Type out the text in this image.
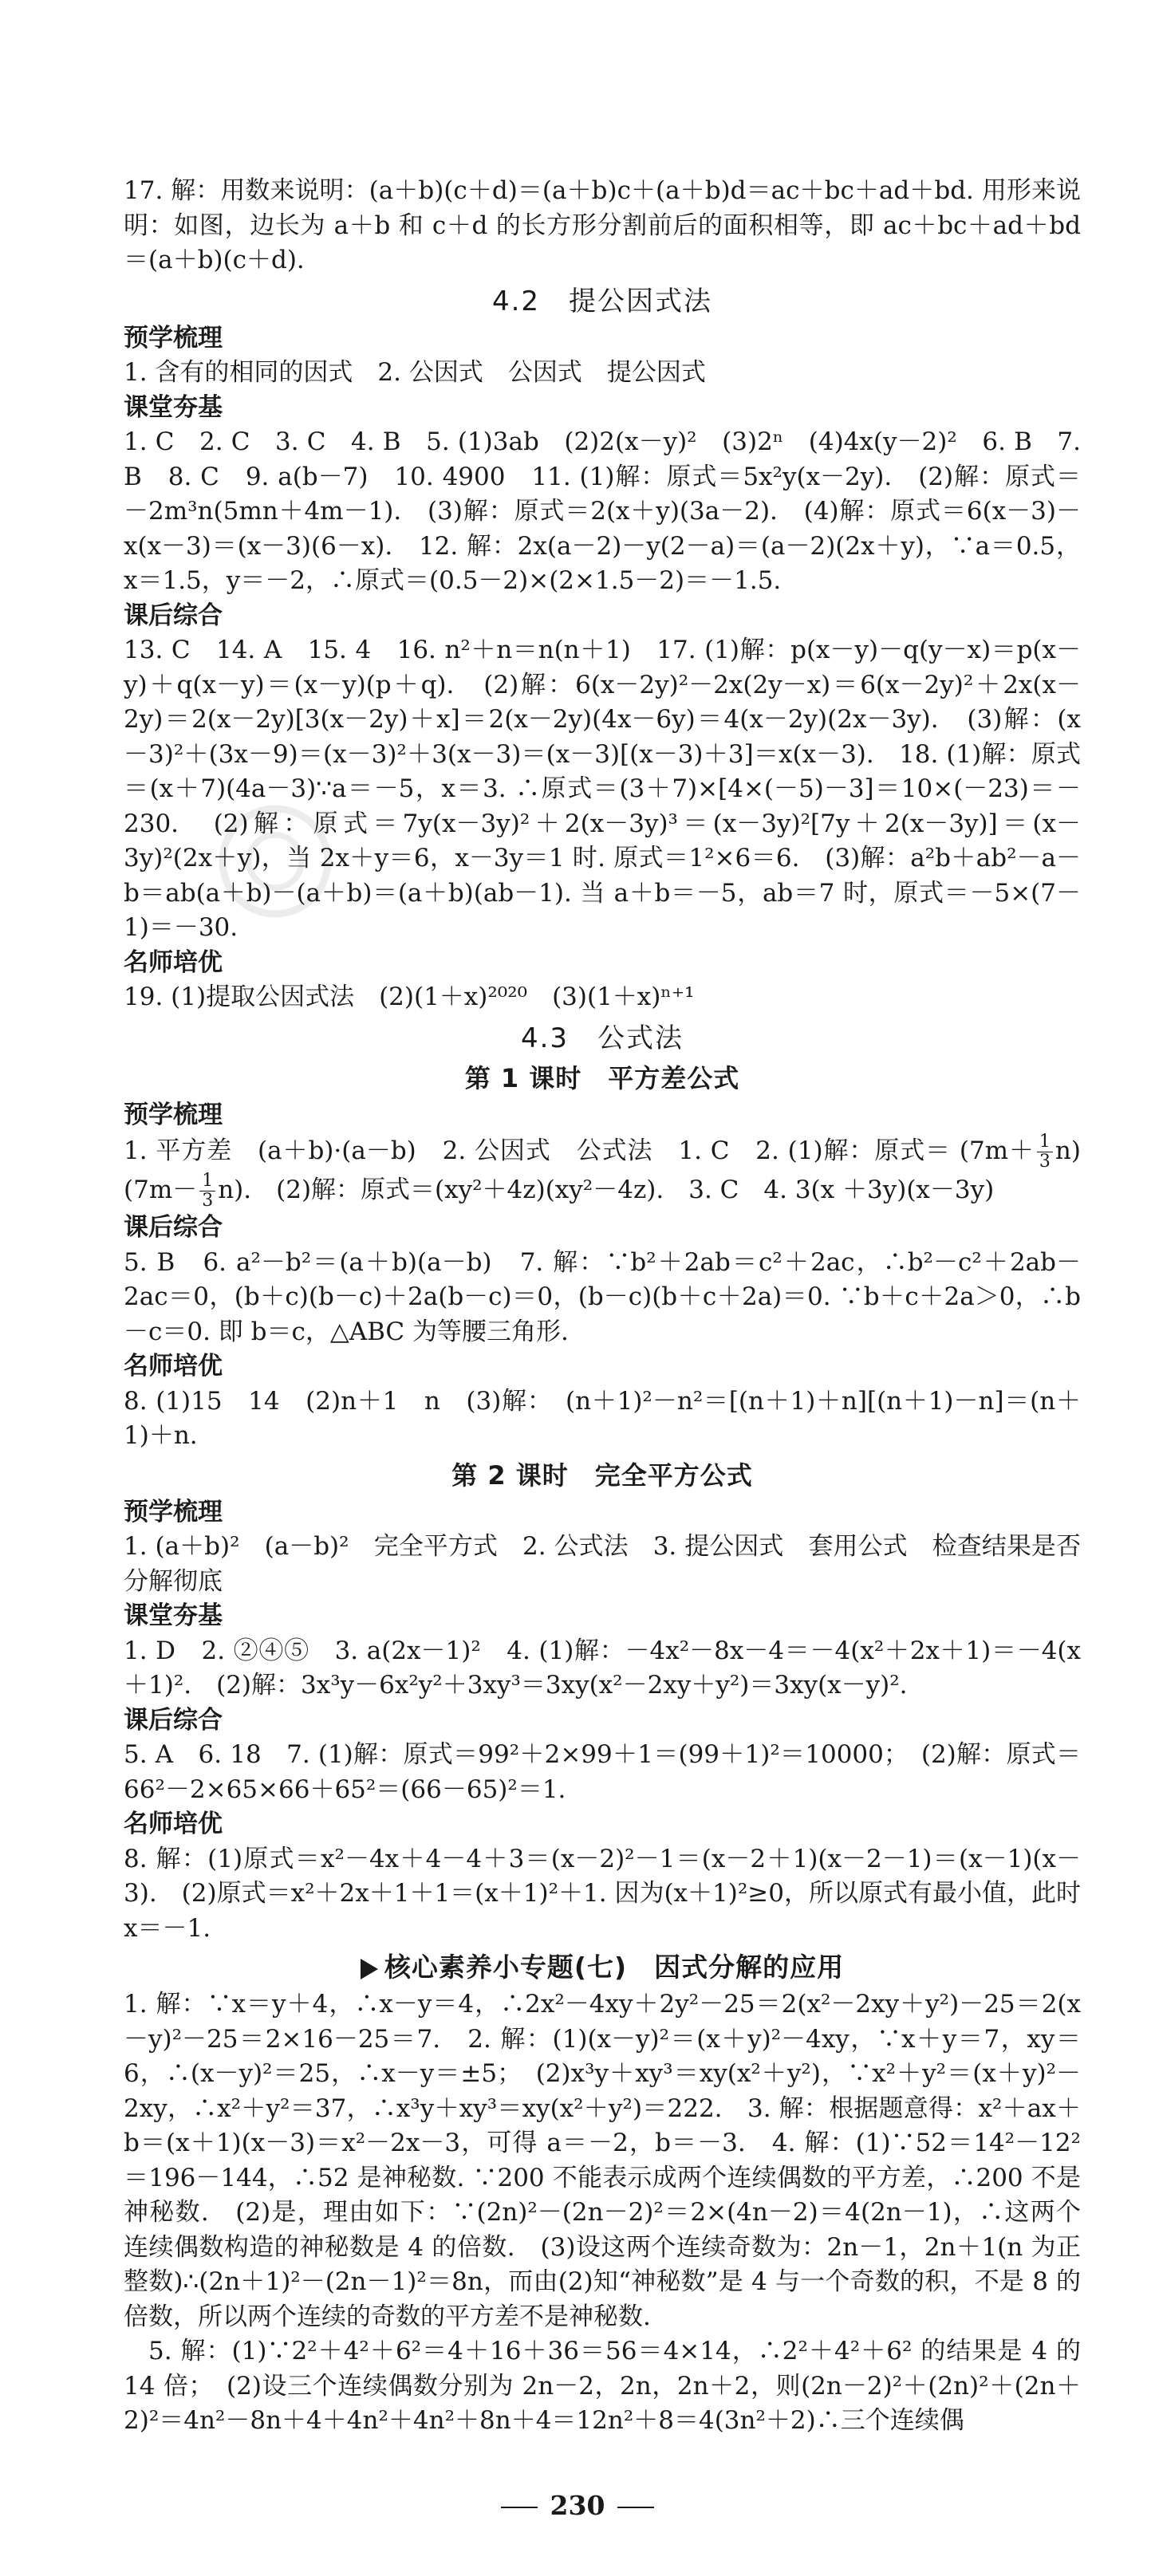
17. 解：用数来说明：(a＋b)(c＋d)＝(a＋b)c＋(a＋b)d＝ac＋bc＋ad＋bd. 用形来说明：如图，边长为 a＋b 和 c＋d 的长方形分割前后的面积相等，即 ac＋bc＋ad＋bd＝(a＋b)(c＋d).

4.2　提公因式法
预学梳理

1. 含有的相同的因式　2. 公因式　公因式　提公因式

课堂夯基

1. C　2. C　3. C　4. B　5. (1)3ab　(2)2(x－y)²　(3)2ⁿ　(4)4x(y－2)²　6. B　7. B　8. C　9. a(b－7)　10. 4900　11. (1)解：原式＝5x²y(x－2y).　(2)解：原式＝－2m³n(5mn＋4m－1).　(3)解：原式＝2(x＋y)(3a－2).　(4)解：原式＝6(x－3)－x(x－3)＝(x－3)(6－x).　12. 解：2x(a－2)－y(2－a)＝(a－2)(2x＋y)，∵a＝0.5，x＝1.5，y＝－2，∴原式＝(0.5－2)×(2×1.5－2)＝－1.5.

课后综合

13. C　14. A　15. 4　16. n²＋n＝n(n＋1)　17. (1)解：p(x－y)－q(y－x)＝p(x－y)＋q(x－y)＝(x－y)(p＋q).　(2)解：6(x－2y)²－2x(2y－x)＝6(x－2y)²＋2x(x－2y)＝2(x－2y)[3(x－2y)＋x]＝2(x－2y)(4x－6y)＝4(x－2y)(2x－3y).　(3)解：(x－3)²＋(3x－9)＝(x－3)²＋3(x－3)＝(x－3)[(x－3)＋3]＝x(x－3).　18. (1)解：原式＝(x＋7)(4a－3)∵a＝－5，x＝3. ∴原式＝(3＋7)×[4×(－5)－3]＝10×(－23)＝－230.　(2)解：原式＝7y(x－3y)²＋2(x－3y)³＝(x－3y)²[7y＋2(x－3y)]＝(x－3y)²(2x＋y)，当 2x＋y＝6，x－3y＝1 时. 原式＝1²×6＝6.　(3)解：a²b＋ab²－a－b＝ab(a＋b)－(a＋b)＝(a＋b)(ab－1). 当 a＋b＝－5，ab＝7 时，原式＝－5×(7－1)＝－30.

名师培优

19. (1)提取公因式法　(2)(1＋x)²⁰²⁰　(3)(1＋x)ⁿ⁺¹

4.3　公式法
第 1 课时　平方差公式
预学梳理

1. 平方差　(a＋b)·(a－b)　2. 公因式　公式法　1. C　2. (1)解：原式＝ $(7m+ \frac{1}{3} n)(7m- \frac{1}{3} n)$.　(2)解：原式＝(xy²＋4z)(xy²－4z).　3. C　4. 3(x ＋3y)(x－3y)

课后综合

5. B　6. a²－b²＝(a＋b)(a－b)　7. 解：∵b²＋2ab＝c²＋2ac，∴b²－c²＋2ab－2ac＝0，(b＋c)(b－c)＋2a(b－c)＝0，(b－c)(b＋c＋2a)＝0. ∵b＋c＋2a＞0，∴b－c＝0. 即 b＝c，△ABC 为等腰三角形.

名师培优

8. (1)15　14　(2)n＋1　n　(3)解：　(n＋1)²－n²＝[(n＋1)＋n][(n＋1)－n]＝(n＋1)＋n.

第 2 课时　完全平方公式
预学梳理

1. (a＋b)²　(a－b)²　完全平方式　2. 公式法　3. 提公因式　套用公式　检查结果是否分解彻底

课堂夯基

1. D　2. ②④⑤　3. a(2x－1)²　4. (1)解：－4x²－8x－4＝－4(x²＋2x＋1)＝－4(x＋1)².　(2)解：3x³y－6x²y²＋3xy³＝3xy(x²－2xy＋y²)＝3xy(x－y)².

课后综合

5. A　6. 18　7. (1)解：原式＝99²＋2×99＋1＝(99＋1)²＝10000；　(2)解：原式＝66²－2×65×66＋65²＝(66－65)²＝1.

名师培优

8. 解：(1)原式＝x²－4x＋4－4＋3＝(x－2)²－1＝(x－2＋1)(x－2－1)＝(x－1)(x－3).　(2)原式＝x²＋2x＋1＋1＝(x＋1)²＋1. 因为(x＋1)²≥0，所以原式有最小值，此时 x＝－1.

核心素养小专题(七)　因式分解的应用

1. 解：∵x＝y＋4，∴x－y＝4，∴2x²－4xy＋2y²－25＝2(x²－2xy＋y²)－25＝2(x－y)²－25＝2×16－25＝7.　2. 解：(1)(x－y)²＝(x＋y)²－4xy，∵x＋y＝7，xy＝6，∴(x－y)²＝25，∴x－y＝±5；　(2)x³y＋xy³＝xy(x²＋y²)，∵x²＋y²＝(x＋y)²－2xy，∴x²＋y²＝37，∴x³y＋xy³＝xy(x²＋y²)＝222.　3. 解：根据题意得：x²＋ax＋b＝(x＋1)(x－3)＝x²－2x－3，可得 a＝－2，b＝－3.　4. 解：(1)∵52＝14²－12²＝196－144，∴52 是神秘数. ∵200 不能表示成两个连续偶数的平方差，∴200 不是神秘数.　(2)是，理由如下：∵(2n)²－(2n－2)²＝2×(4n－2)＝4(2n－1)，∴这两个连续偶数构造的神秘数是 4 的倍数.　(3)设这两个连续奇数为：2n－1，2n＋1(n 为正整数)∴(2n＋1)²－(2n－1)²＝8n，而由(2)知“神秘数”是 4 与一个奇数的积，不是 8 的倍数，所以两个连续的奇数的平方差不是神秘数.

5. 解：(1)∵2²＋4²＋6²＝4＋16＋36＝56＝4×14，∴2²＋4²＋6² 的结果是 4 的 14 倍；　(2)设三个连续偶数分别为 2n－2，2n，2n＋2，则(2n－2)²＋(2n)²＋(2n＋2)²＝4n²－8n＋4＋4n²＋4n²＋8n＋4＝12n²＋8＝4(3n²＋2)∴三个连续偶

230
